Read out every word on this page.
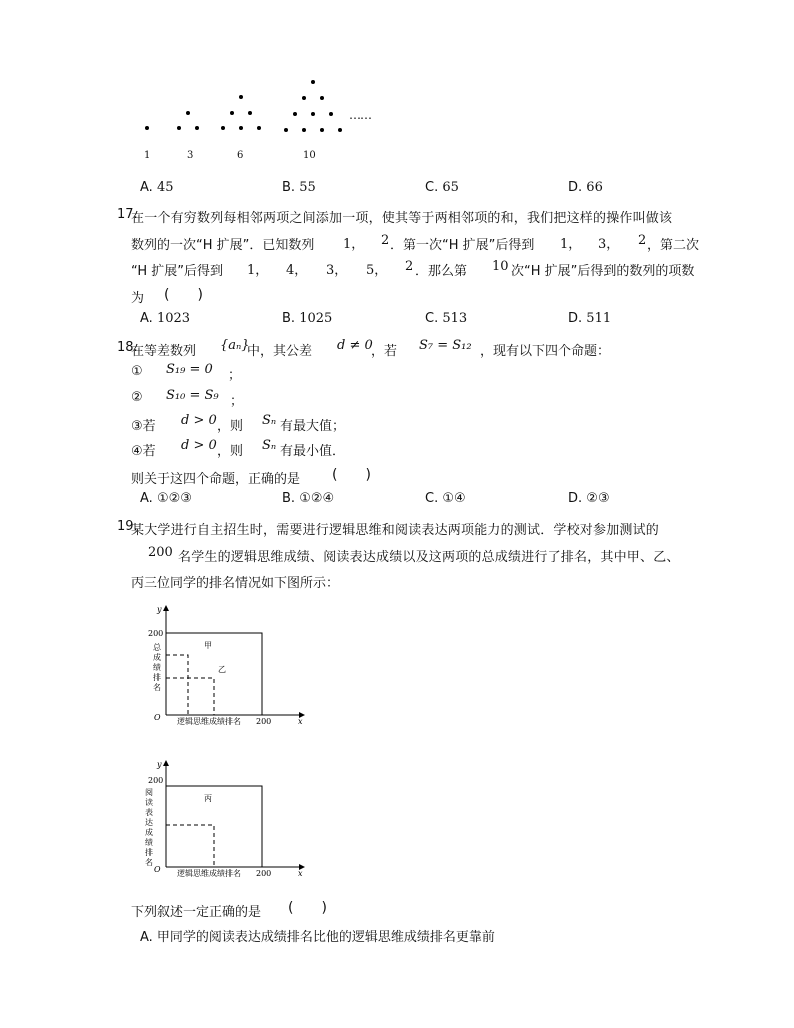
……
1	3	6	10
A. 45	B. 55	C. 65	D. 66
17.
在一个有穷数列每相邻两项之间添加一项，使其等于两相邻项的和，我们把这样的操作叫做该
数列的一次“H 扩展”．已知数列 1， 2 ．第一次“H 扩展”后得到 1， 3， 2 ，第二次
“H 扩展”后得到 1， 4， 3， 5， 2 ．那么第 10 次“H 扩展”后得到的数列的项数
为 (　　)
A. 1023	B. 1025	C. 513	D. 511
18.
在等差数列 {aₙ}
中，其公差 d ≠ 0
，若 S₇ = S₁₂ ，现有以下四个命题：
① S₁₉ = 0 ；
② S₁₀ = S₉ ；
③若 d > 0 ，则 Sₙ 有最大值；
④若 d > 0 ，则 Sₙ 有最小值．
则关于这四个命题，正确的是 (　　)
A. ①②③	B. ①②④	C. ①④	D. ②③
19.
某大学进行自主招生时，需要进行逻辑思维和阅读表达两项能力的测试．学校对参加测试的
200 名学生的逻辑思维成绩、阅读表达成绩以及这两项的总成绩进行了排名，其中甲、乙、
丙三位同学的排名情况如下图所示：
y
x
O
200
200
总
成
绩
排
名
逻辑思维成绩排名
甲
乙
y
x
O
200
200
阅
读
表
达
成
绩
排
名
逻辑思维成绩排名
丙
下列叙述一定正确的是 (　　)
A. 甲同学的阅读表达成绩排名比他的逻辑思维成绩排名更靠前
